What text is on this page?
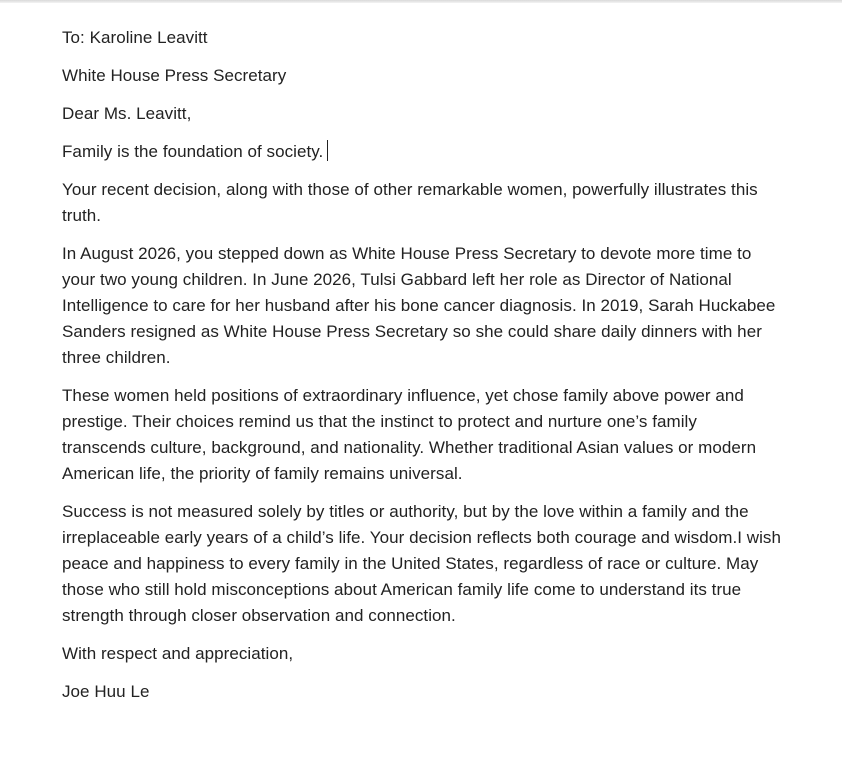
To: Karoline Leavitt

White House Press Secretary

Dear Ms. Leavitt,

Family is the foundation of society.

Your recent decision, along with those of other remarkable women, powerfully illustrates this truth.

In August 2026, you stepped down as White House Press Secretary to devote more time to your two young children. In June 2026, Tulsi Gabbard left her role as Director of National Intelligence to care for her husband after his bone cancer diagnosis. In 2019, Sarah Huckabee Sanders resigned as White House Press Secretary so she could share daily dinners with her three children.

These women held positions of extraordinary influence, yet chose family above power and prestige. Their choices remind us that the instinct to protect and nurture one’s family transcends culture, background, and nationality. Whether traditional Asian values or modern American life, the priority of family remains universal.

Success is not measured solely by titles or authority, but by the love within a family and the irreplaceable early years of a child’s life. Your decision reflects both courage and wisdom.I wish peace and happiness to every family in the United States, regardless of race or culture. May those who still hold misconceptions about American family life come to understand its true strength through closer observation and connection.

With respect and appreciation,

Joe Huu Le
